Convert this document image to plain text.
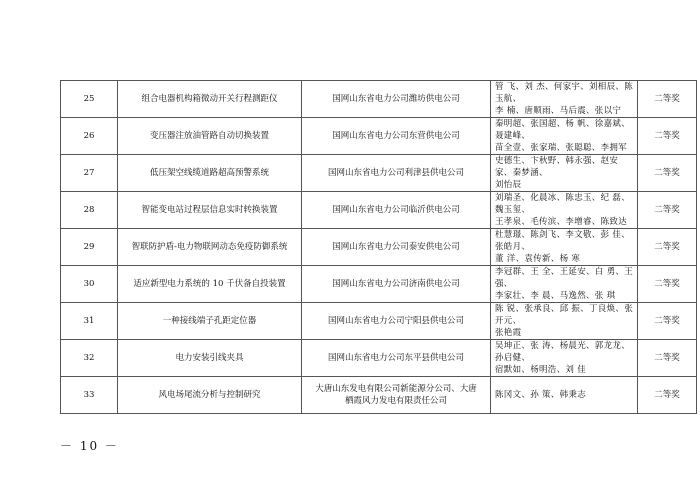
25	组合电器机构箱微动开关行程测距仪	国网山东省电力公司潍坊供电公司	管 飞、刘 杰、何家宇、刘相辰、陈玉航、
李 楠、唐顺雨、马后震、张以宁	二等奖
26	变压器注放油管路自动切换装置	国网山东省电力公司东营供电公司	秦明超、张国超、杨 帆、徐嘉斌、聂建峰、
苗全壹、张家瑞、张聪聪、李拥军	二等奖
27	低压架空线缆道路超高预警系统	国网山东省电力公司利津县供电公司	史德生、卞秋野、韩永强、赵安家、秦梦涵、
刘怡辰	二等奖
28	智能变电站过程层信息实时转换装置	国网山东省电力公司临沂供电公司	刘瑞圣、化晨冰、陈忠玉、纪 磊、魏玉玺、
王孝泉、毛传滨、李增睿、陈致达	二等奖
29	智联防护盾-电力物联网动态免疫防御系统	国网山东省电力公司泰安供电公司	杜慧璟、陈剑飞、李文敬、彭 佳、张皓月、
董 洋、袁传新、杨 寒	二等奖
30	适应新型电力系统的 10 千伏备自投装置	国网山东省电力公司济南供电公司	李冠群、王 全、王延安、白 勇、王 强、
李家壮、李 晨、马逸然、张 琪	二等奖
31	一种接线端子孔距定位器	国网山东省电力公司宁阳县供电公司	陈 锐、张承良、邱 振、丁良焕、张开元、
张艳霞	二等奖
32	电力安装引线夹具	国网山东省电力公司东平县供电公司	吴坤正、张 涛、杨晨光、郭龙龙、孙启健、
宿默如、杨明浩、刘 佳	二等奖
33	风电场尾流分析与控制研究	大唐山东发电有限公司新能源分公司、大唐
栖霞风力发电有限责任公司	陈冈文、孙 策、韩秉志	二等奖
－ 10 －
